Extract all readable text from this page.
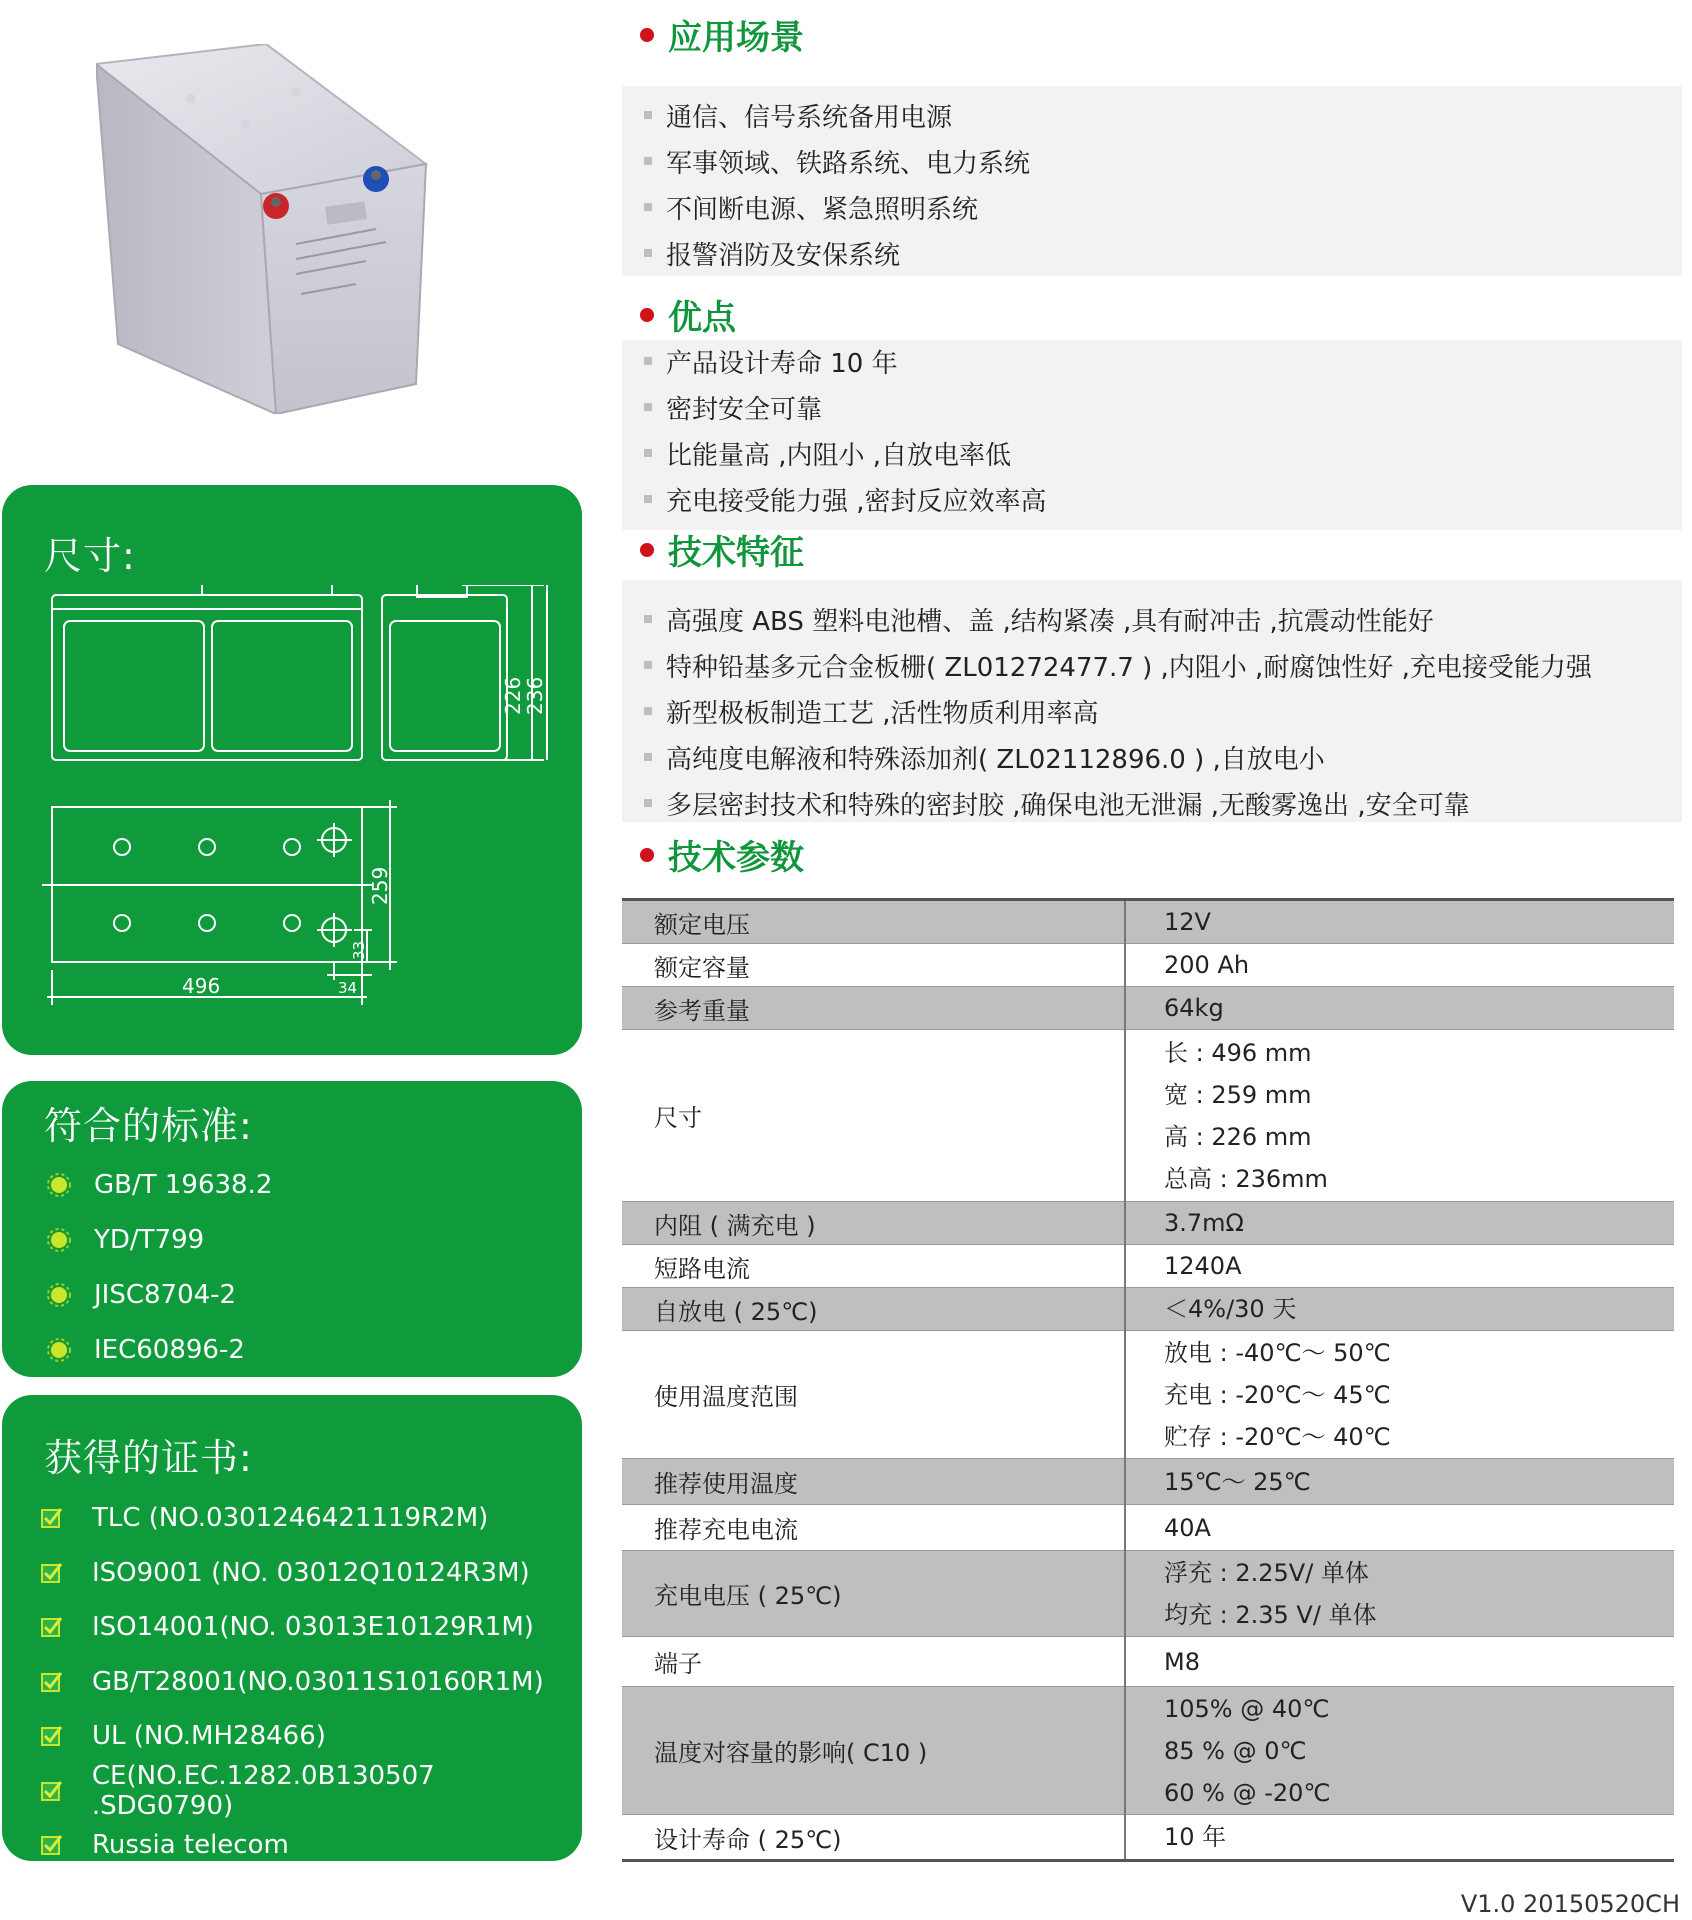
尺寸:
226
236
259
33
34
496
符合的标准:
GB/T 19638.2
YD/T799
JISC8704-2
IEC60896-2
获得的证书:
TLC (NO.0301246421119R2M)
ISO9001 (NO. 03012Q10124R3M)
ISO14001(NO. 03013E10129R1M)
GB/T28001(NO.03011S10160R1M)
UL (NO.MH28466)
CE(NO.EC.1282.0B130507 .SDG0790)
Russia telecom
应用场景
通信、信号系统备用电源
军事领域、铁路系统、电力系统
不间断电源、紧急照明系统
报警消防及安保系统
优点
产品设计寿命 10 年
密封安全可靠
比能量高 ,内阻小 ,自放电率低
充电接受能力强 ,密封反应效率高
技术特征
高强度 ABS 塑料电池槽、盖 ,结构紧凑 ,具有耐冲击 ,抗震动性能好
特种铅基多元合金板栅( ZL01272477.7 ) ,内阻小 ,耐腐蚀性好 ,充电接受能力强
新型极板制造工艺 ,活性物质利用率高
高纯度电解液和特殊添加剂( ZL02112896.0 ) ,自放电小
多层密封技术和特殊的密封胶 ,确保电池无泄漏 ,无酸雾逸出 ,安全可靠
技术参数
额定电压	12V

额定容量	200 Ah

参考重量	64kg

尺寸	长 : 496 mm
宽 : 259 mm
高 : 226 mm
总高 : 236mm

内阻 ( 满充电 )	3.7mΩ

短路电流	1240A

自放电 ( 25℃)	＜4%/30 天

使用温度范围	放电 : -40℃～ 50℃
充电 : -20℃～ 45℃
贮存 : -20℃～ 40℃

推荐使用温度	15℃～ 25℃

推荐充电电流	40A

充电电压 ( 25℃)	浮充 : 2.25V/ 单体
均充 : 2.35 V/ 单体

端子	M8

温度对容量的影响( C10 )	105% @ 40℃
85 % @ 0℃
60 % @ -20℃

设计寿命 ( 25℃)	10 年
V1.0 20150520CH
